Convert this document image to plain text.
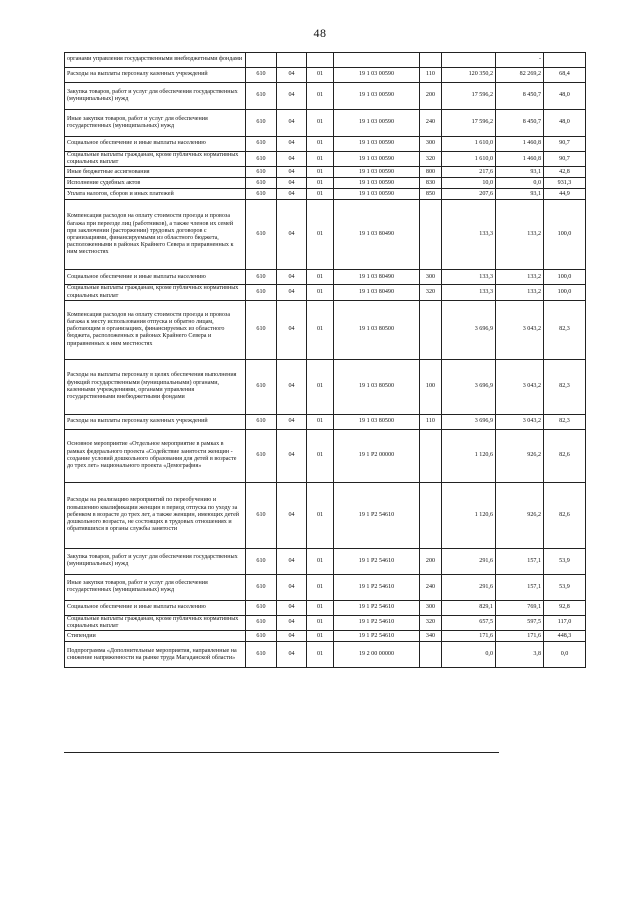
48
органами управления государственными внебюджетными фондами							-	
Расходы на выплаты персоналу казенных учреждений	610	04	01	19 1 03 00590	110	120 350,2	82 269,2	68,4
Закупка товаров, работ и услуг для обеспечения государственных (муниципальных) нужд	610	04	01	19 1 03 00590	200	17 596,2	8 450,7	48,0
Иные закупки товаров, работ и услуг для обеспечения государственных (муниципальных) нужд	610	04	01	19 1 03 00590	240	17 596,2	8 450,7	48,0
Социальное обеспечение и иные выплаты населению	610	04	01	19 1 03 00590	300	1 610,0	1 460,8	90,7
Социальные выплаты гражданам, кроме публичных нормативных социальных выплат	610	04	01	19 1 03 00590	320	1 610,0	1 460,8	90,7
Иные бюджетные ассигнования	610	04	01	19 1 03 00590	800	217,6	93,1	42,8
Исполнение судебных актов	610	04	01	19 1 03 00590	830	10,0	0,0	931,3
Уплата налогов, сборов и иных платежей	610	04	01	19 1 03 00590	850	207,6	93,1	44,9
Компенсация расходов на оплату стоимости проезда и провоза багажа при переезде лиц (работников), а также членов их семей при заключении (расторжении) трудовых договоров с организациями, финансируемыми из областного бюджета, расположенными в районах Крайнего Севера и приравненных к ним местностях	610	04	01	19 1 03 80490		133,3	133,2	100,0
Социальное обеспечение и иные выплаты населению	610	04	01	19 1 03 80490	300	133,3	133,2	100,0
Социальные выплаты гражданам, кроме публичных нормативных социальных выплат	610	04	01	19 1 03 80490	320	133,3	133,2	100,0
Компенсация расходов на оплату стоимости проезда и провоза багажа к месту использования отпуска и обратно лицам, работающим в организациях, финансируемых из областного бюджета, расположенных в районах Крайнего Севера и приравненных к ним местностях	610	04	01	19 1 03 80500		3 696,9	3 043,2	82,3
Расходы на выплаты персоналу в целях обеспечения выполнения функций государственными (муниципальными) органами, казенными учреждениями, органами управления государственными внебюджетными фондами	610	04	01	19 1 03 80500	100	3 696,9	3 043,2	82,3
Расходы на выплаты персоналу казенных учреждений	610	04	01	19 1 03 80500	110	3 696,9	3 043,2	82,3
Основное мероприятие «Отдельное мероприятие в рамках в рамках федерального проекта «Содействие занятости женщин - создание условий дошкольного образования для детей в возрасте до трех лет» национального проекта «Демография»	610	04	01	19 1 P2 00000		1 120,6	926,2	82,6
Расходы на реализацию мероприятий по переобучению и повышению квалификации женщин в период отпуска по уходу за ребенком в возрасте до трех лет, а также женщин, имеющих детей дошкольного возраста, не состоящих в трудовых отношениях и обратившихся в органы службы занятости	610	04	01	19 1 P2 54610		1 120,6	926,2	82,6
Закупка товаров, работ и услуг для обеспечения государственных (муниципальных) нужд	610	04	01	19 1 P2 54610	200	291,6	157,1	53,9
Иные закупки товаров, работ и услуг для обеспечения государственных (муниципальных) нужд	610	04	01	19 1 P2 54610	240	291,6	157,1	53,9
Социальное обеспечение и иные выплаты населению	610	04	01	19 1 P2 54610	300	829,1	769,1	92,8
Социальные выплаты гражданам, кроме публичных нормативных социальных выплат	610	04	01	19 1 P2 54610	320	657,5	597,5	117,0
Стипендии	610	04	01	19 1 P2 54610	340	171,6	171,6	448,3
Подпрограмма «Дополнительные мероприятия, направленные на снижение напряженности на рынке труда Магаданской области»	610	04	01	19 2 00 00000		0,0	3,8	0,0
